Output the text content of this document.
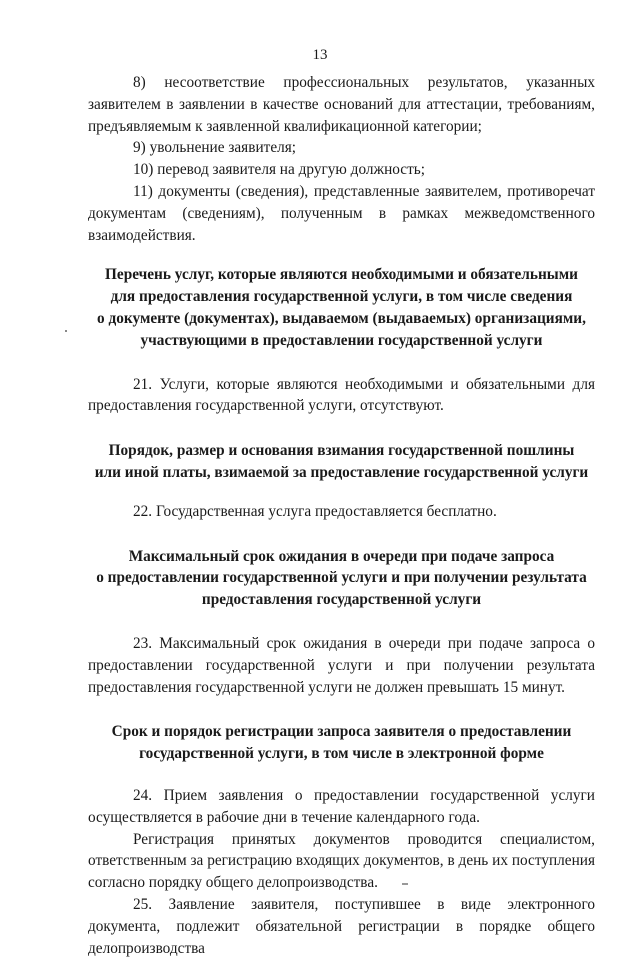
13

8) несоответствие профессиональных результатов, указанных заявителем в заявлении в качестве оснований для аттестации, требованиям, предъявляемым к заявленной квалификационной категории;

9) увольнение заявителя;

10) перевод заявителя на другую должность;

11) документы (сведения), представленные заявителем, противоречат документам (сведениям), полученным в рамках межведомственного взаимодействия.

Перечень услуг, которые являются необходимыми и обязательными

для предоставления государственной услуги, в том числе сведения

о документе (документах), выдаваемом (выдаваемых) организациями,

участвующими в предоставлении государственной услуги

21. Услуги, которые являются необходимыми и обязательными для предоставления государственной услуги, отсутствуют.

Порядок, размер и основания взимания государственной пошлины

или иной платы, взимаемой за предоставление государственной услуги

22. Государственная услуга предоставляется бесплатно.

Максимальный срок ожидания в очереди при подаче запроса

о предоставлении государственной услуги и при получении результата

предоставления государственной услуги

23. Максимальный срок ожидания в очереди при подаче запроса о предоставлении государственной услуги и при получении результата предоставления государственной услуги не должен превышать 15 минут.

Срок и порядок регистрации запроса заявителя о предоставлении

государственной услуги, в том числе в электронной форме

24. Прием заявления о предоставлении государственной услуги осуществляется в рабочие дни в течение календарного года.

Регистрация принятых документов проводится специалистом, ответственным за регистрацию входящих документов, в день их поступления согласно порядку общего делопроизводства.

25. Заявление заявителя, поступившее в виде электронного документа, подлежит обязательной регистрации в порядке общего делопроизводства
